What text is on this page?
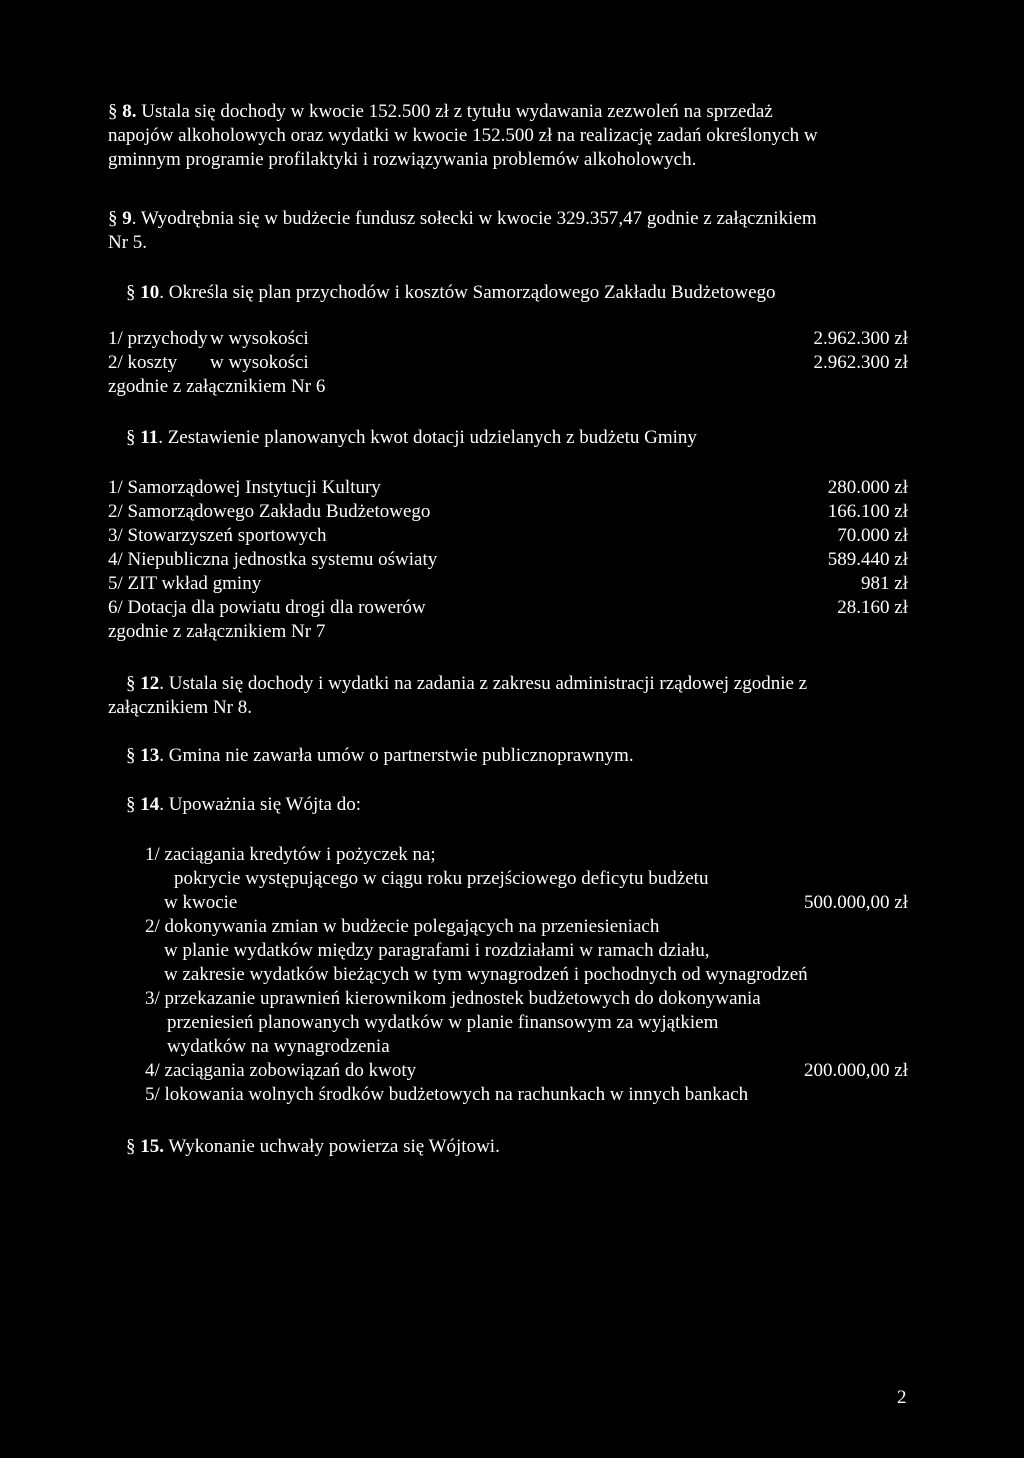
§ 8. Ustala się dochody w kwocie 152.500 zł z tytułu wydawania zezwoleń na sprzedaż
napojów alkoholowych oraz wydatki w kwocie 152.500 zł na realizację zadań określonych w
gminnym programie profilaktyki i rozwiązywania problemów alkoholowych.
§ 9. Wyodrębnia się w budżecie fundusz sołecki w kwocie 329.357,47 godnie z załącznikiem
Nr 5.
§ 10. Określa się plan przychodów i kosztów Samorządowego Zakładu Budżetowego
1/ przychody w wysokości	2.962.300 zł
2/ koszty w wysokości	2.962.300 zł
zgodnie z załącznikiem Nr 6
§ 11. Zestawienie planowanych kwot dotacji udzielanych z budżetu Gminy
1/ Samorządowej Instytucji Kultury	280.000 zł
2/ Samorządowego Zakładu Budżetowego	166.100 zł
3/ Stowarzyszeń sportowych	70.000 zł
4/ Niepubliczna jednostka systemu oświaty	589.440 zł
5/ ZIT wkład gminy	981 zł
6/ Dotacja dla powiatu drogi dla rowerów	28.160 zł
zgodnie z załącznikiem Nr 7
§ 12. Ustala się dochody i wydatki na zadania z zakresu administracji rządowej zgodnie z
załącznikiem Nr 8.
§ 13. Gmina nie zawarła umów o partnerstwie publicznoprawnym.
§ 14. Upoważnia się Wójta do:
1/ zaciągania kredytów i pożyczek na;
pokrycie występującego w ciągu roku przejściowego deficytu budżetu
w kwocie	500.000,00 zł
2/ dokonywania zmian w budżecie polegających na przeniesieniach
w planie wydatków między paragrafami i rozdziałami w ramach działu,
w zakresie wydatków bieżących w tym wynagrodzeń i pochodnych od wynagrodzeń
3/ przekazanie uprawnień kierownikom jednostek budżetowych do dokonywania
przeniesień planowanych wydatków w planie finansowym za wyjątkiem
wydatków na wynagrodzenia
4/ zaciągania zobowiązań do kwoty	200.000,00 zł
5/ lokowania wolnych środków budżetowych na rachunkach w innych bankach
§ 15. Wykonanie uchwały powierza się Wójtowi.
2
